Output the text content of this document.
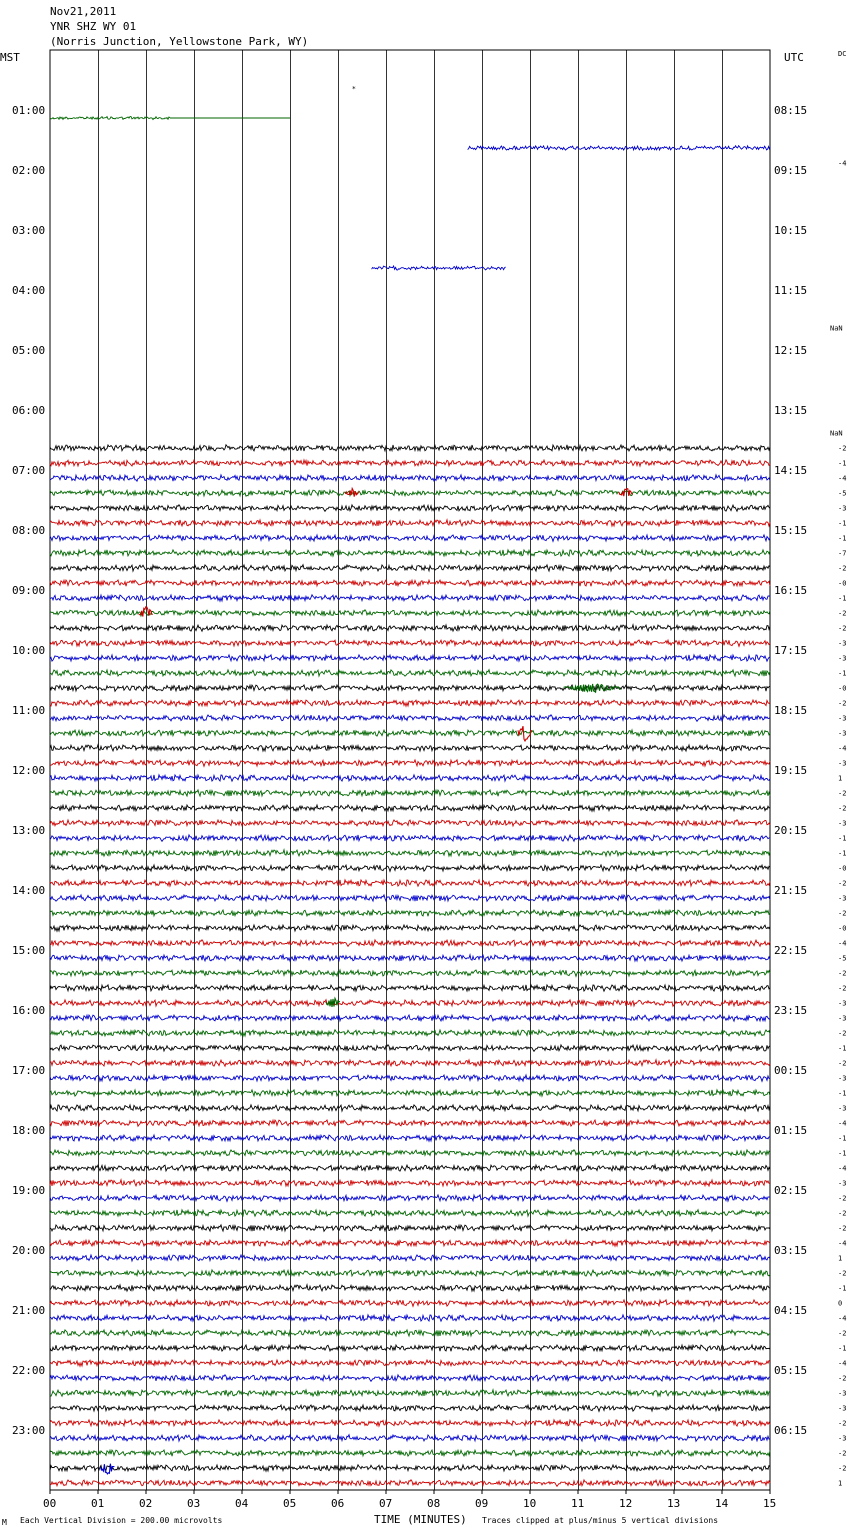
Nov21,2011
YNR SHZ WY 01
(Norris Junction, Yellowstone Park, WY)
MST	UTC
*
01:00
02:00
03:00
04:00
05:00
06:00
07:00
08:00
09:00
10:00
11:00
12:00
13:00
14:00
15:00
16:00
17:00
18:00
19:00
20:00
21:00
22:00
23:00
08:15
09:15
10:15
11:15
12:15
13:15
14:15
15:15
16:15
17:15
18:15
19:15
20:15
21:15
22:15
23:15
00:15
01:15
02:15
03:15
04:15
05:15
06:15
DC
-4
NaN
NaN
-2
-1
-4
-5
-3
-1
-1
-7
-2
-0
-1
-2
-2
-3
-3
-1
-0
-2
-3
-3
-4
-3
1
-2
-2
-3
-1
-1
-0
-2
-3
-2
-0
-4
-5
-2
-2
-3
-3
-2
-1
-2
-3
-1
-3
-4
-1
-1
-4
-3
-2
-2
-2
-4
1
-2
-1
0
-4
-2
-1
-4
-2
-3
-3
-2
-3
-2
-2
1
00	01	02	03	04	05	06	07	08	09	10	11	12	13	14	15
TIME (MINUTES)
M Each Vertical Division = 200.00 microvolts	Traces clipped at plus/minus 5 vertical divisions
